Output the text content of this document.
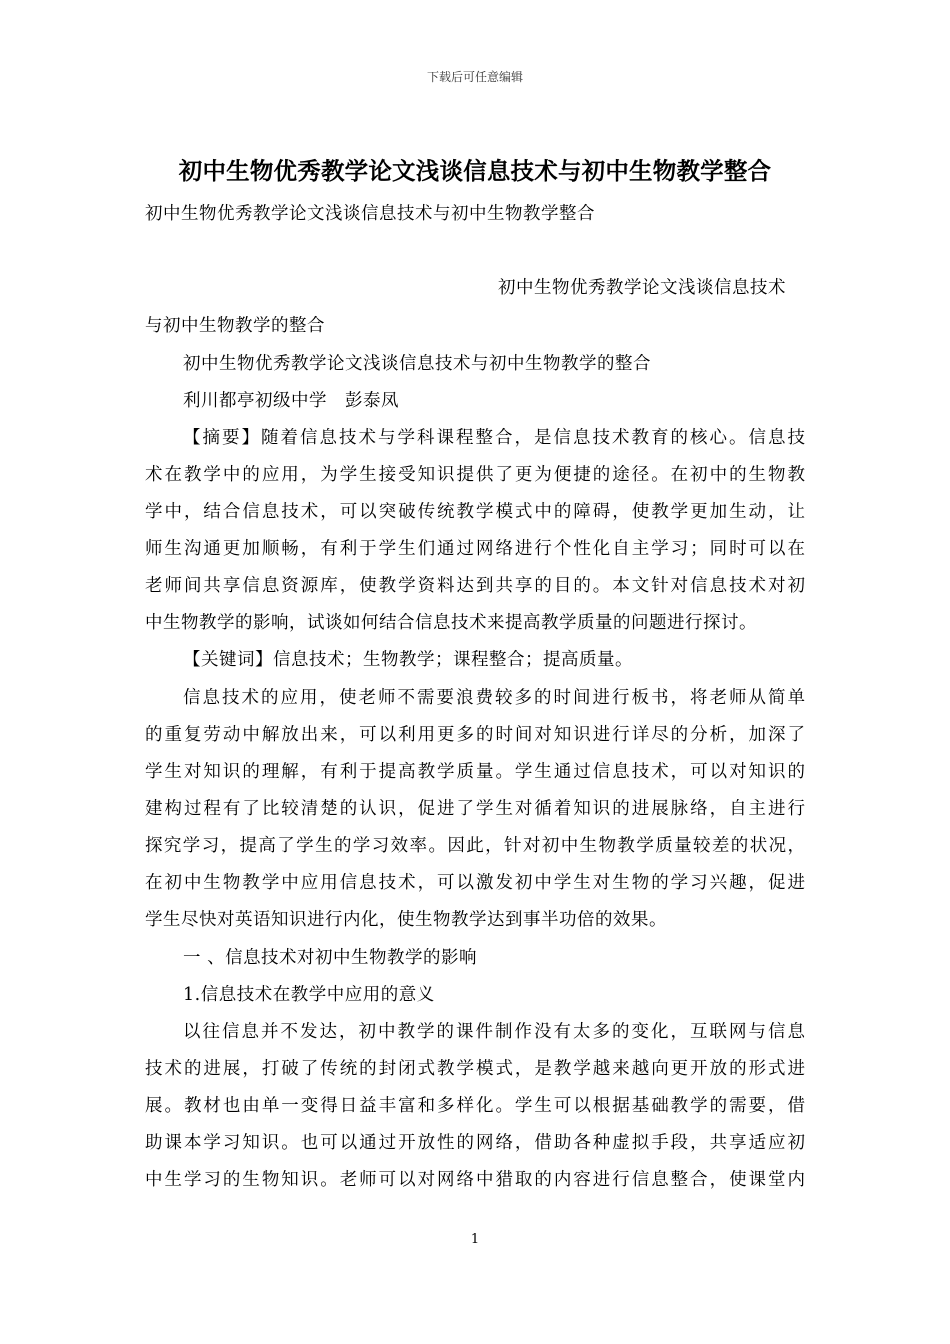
下载后可任意编辑
初中生物优秀教学论文浅谈信息技术与初中生物教学整合
初中生物优秀教学论文浅谈信息技术与初中生物教学整合
初中生物优秀教学论文浅谈信息技术
与初中生物教学的整合
初中生物优秀教学论文浅谈信息技术与初中生物教学的整合
利川都亭初级中学　彭泰凤
【摘要】随着信息技术与学科课程整合，是信息技术教育的核心。信息技
术在教学中的应用，为学生接受知识提供了更为便捷的途径。在初中的生物教
学中，结合信息技术，可以突破传统教学模式中的障碍，使教学更加生动，让
师生沟通更加顺畅，有利于学生们通过网络进行个性化自主学习；同时可以在
老师间共享信息资源库，使教学资料达到共享的目的。本文针对信息技术对初
中生物教学的影响，试谈如何结合信息技术来提高教学质量的问题进行探讨。
【关键词】信息技术；生物教学；课程整合；提高质量。
信息技术的应用，使老师不需要浪费较多的时间进行板书，将老师从简单
的重复劳动中解放出来，可以利用更多的时间对知识进行详尽的分析，加深了
学生对知识的理解，有利于提高教学质量。学生通过信息技术，可以对知识的
建构过程有了比较清楚的认识，促进了学生对循着知识的进展脉络，自主进行
探究学习，提高了学生的学习效率。因此，针对初中生物教学质量较差的状况，
在初中生物教学中应用信息技术，可以激发初中学生对生物的学习兴趣，促进
学生尽快对英语知识进行内化，使生物教学达到事半功倍的效果。
一 、信息技术对初中生物教学的影响
1.信息技术在教学中应用的意义
以往信息并不发达，初中教学的课件制作没有太多的变化，互联网与信息
技术的进展，打破了传统的封闭式教学模式，是教学越来越向更开放的形式进
展。教材也由单一变得日益丰富和多样化。学生可以根据基础教学的需要，借
助课本学习知识。也可以通过开放性的网络，借助各种虚拟手段，共享适应初
中生学习的生物知识。老师可以对网络中猎取的内容进行信息整合，使课堂内
1
